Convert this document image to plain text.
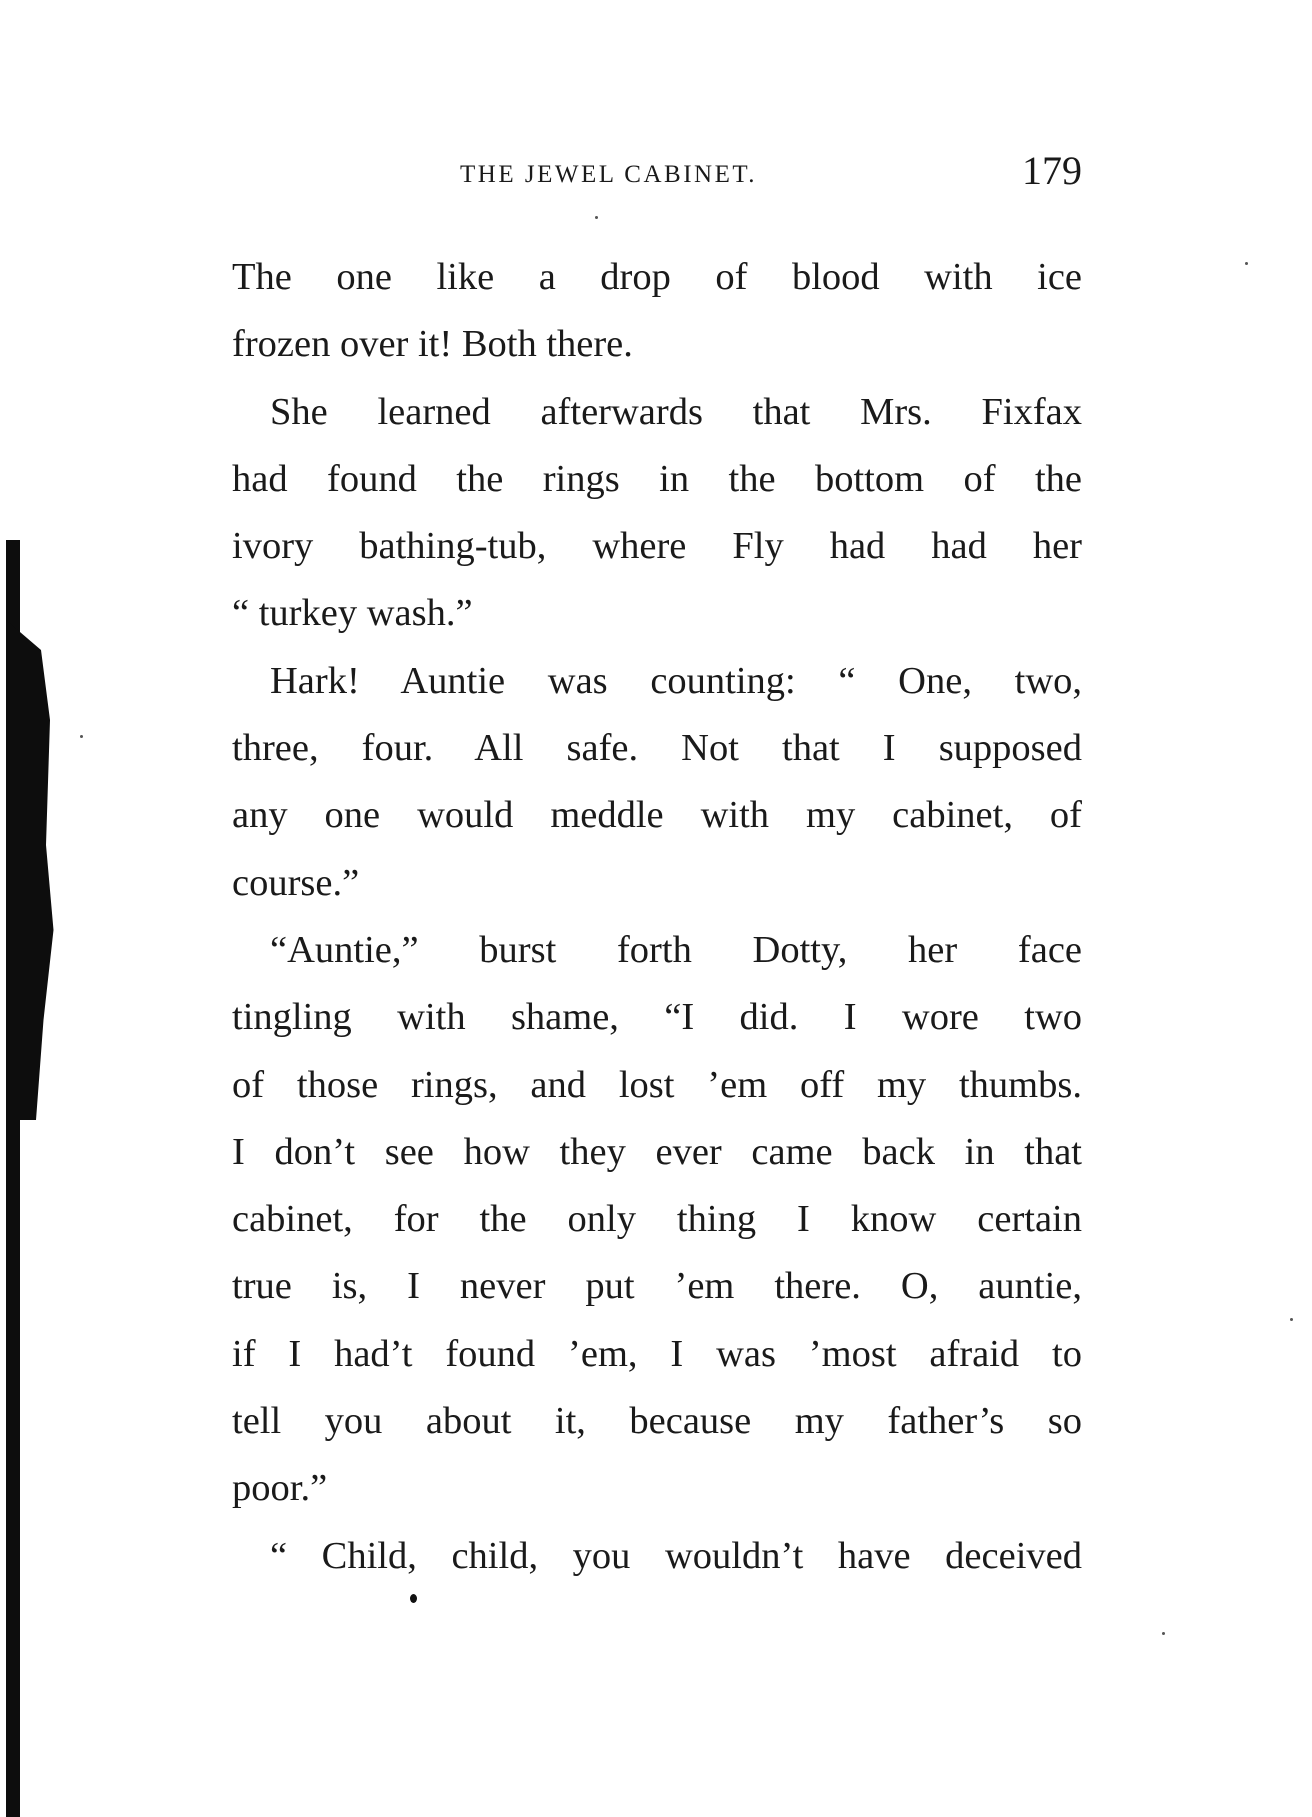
THE JEWEL CABINET.	179
The one like a drop of blood with ice
frozen over it! Both there.
She learned afterwards that Mrs. Fixfax
had found the rings in the bottom of the
ivory bathing-tub, where Fly had had her
“ turkey wash.”
Hark! Auntie was counting: “ One, two,
three, four. All safe. Not that I supposed
any one would meddle with my cabinet, of
course.”
“Auntie,” burst forth Dotty, her face
tingling with shame, “I did. I wore two
of those rings, and lost ’em off my thumbs.
I don’t see how they ever came back in that
cabinet, for the only thing I know certain
true is, I never put ’em there. O, auntie,
if I had’t found ’em, I was ’most afraid to
tell you about it, because my father’s so
poor.”
“ Child, child, you wouldn’t have deceived
